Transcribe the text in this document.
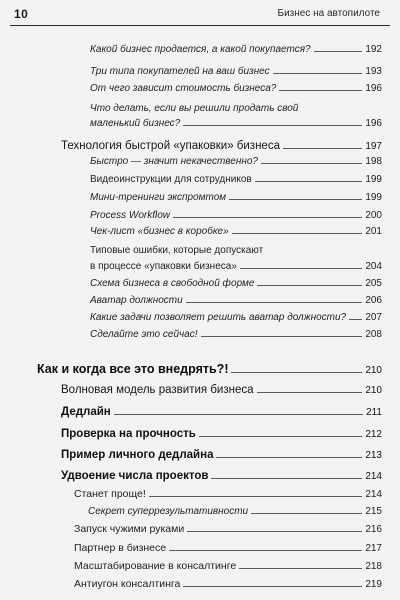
10	Бизнес на автопилоте
Какой бизнес продается, а какой покупается?	192
Три типа покупателей на ваш бизнес	193
От чего зависит стоимость бизнеса?	196
Что делать, если вы решили продать свой
маленький бизнес?	196
Технология быстрой «упаковки» бизнеса	197
Быстро — значит некачественно?	198
Видеоинструкции для сотрудников	199
Мини-тренинги экспромтом	199
Process Workflow	200
Чек-лист «бизнес в коробке»	201
Типовые ошибки, которые допускают
в процессе «упаковки бизнеса»	204
Схема бизнеса в свободной форме	205
Аватар должности	206
Какие задачи позволяет решить аватар должности? 207
Сделайте это сейчас!	208
Как и когда все это внедрять?!	210
Волновая модель развития бизнеса	210
Дедлайн	211
Проверка на прочность	212
Пример личного дедлайна	213
Удвоение числа проектов	214
Станет проще!	214
Секрет суперрезультативности	215
Запуск чужими руками	216
Партнер в бизнесе	217
Масштабирование в консалтинге	218
Антиугон консалтинга	219
